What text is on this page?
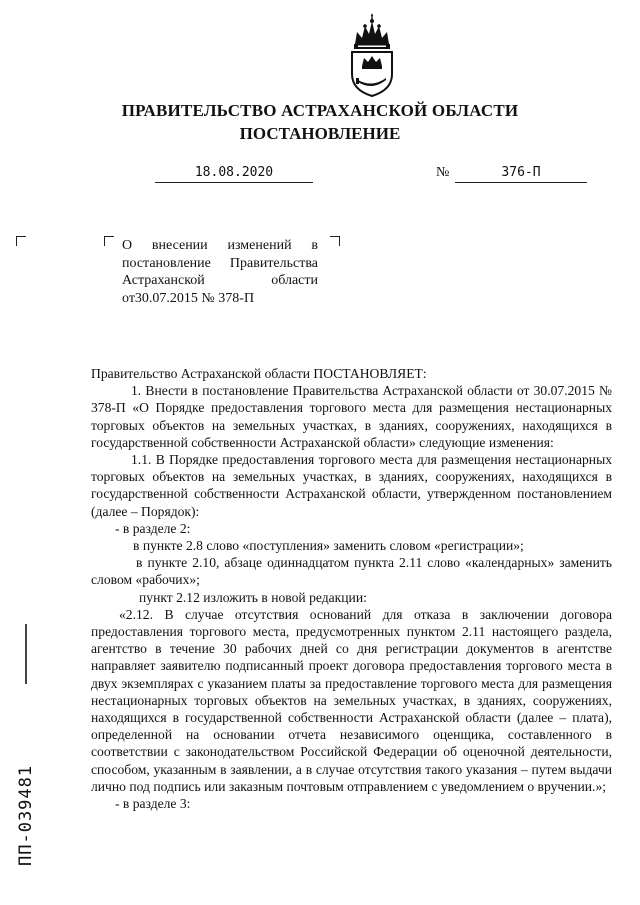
ПРАВИТЕЛЬСТВО АСТРАХАНСКОЙ ОБЛАСТИ
ПОСТАНОВЛЕНИЕ
18.08.2020	№	376-П
О внесении изменений в постановление Правительства Астраханской области от30.07.2015 № 378-П

Правительство Астраханской области ПОСТАНОВЛЯЕТ:

1. Внести в постановление Правительства Астраханской области от 30.07.2015 № 378-П «О Порядке предоставления торгового места для размещения нестационарных торговых объектов на земельных участках, в зданиях, сооружениях, находящихся в государственной собственности Астраханской области» следующие изменения:

1.1. В Порядке предоставления торгового места для размещения нестационарных торговых объектов на земельных участках, в зданиях, сооружениях, находящихся в государственной собственности Астраханской области, утвержденном постановлением (далее – Порядок):

- в разделе 2:

в пункте 2.8 слово «поступления» заменить словом «регистрации»;

в пункте 2.10, абзаце одиннадцатом пункта 2.11 слово «календарных» заменить словом «рабочих»;

пункт 2.12 изложить в новой редакции:

«2.12. В случае отсутствия оснований для отказа в заключении договора предоставления торгового места, предусмотренных пунктом 2.11 настоящего раздела, агентство в течение 30 рабочих дней со дня регистрации документов в агентстве направляет заявителю подписанный проект договора предоставления торгового места в двух экземплярах с указанием платы за предоставление торгового места для размещения нестационарных торговых объектов на земельных участках, в зданиях, сооружениях, находящихся в государственной собственности Астраханской области (далее – плата), определенной на основании отчета независимого оценщика, составленного в соответствии с законодательством Российской Федерации об оценочной деятельности, способом, указанным в заявлении, а в случае отсутствия такого указания – путем выдачи лично под подпись или заказным почтовым отправлением с уведомлением о вручении.»;

- в разделе 3:

ПП-039481
